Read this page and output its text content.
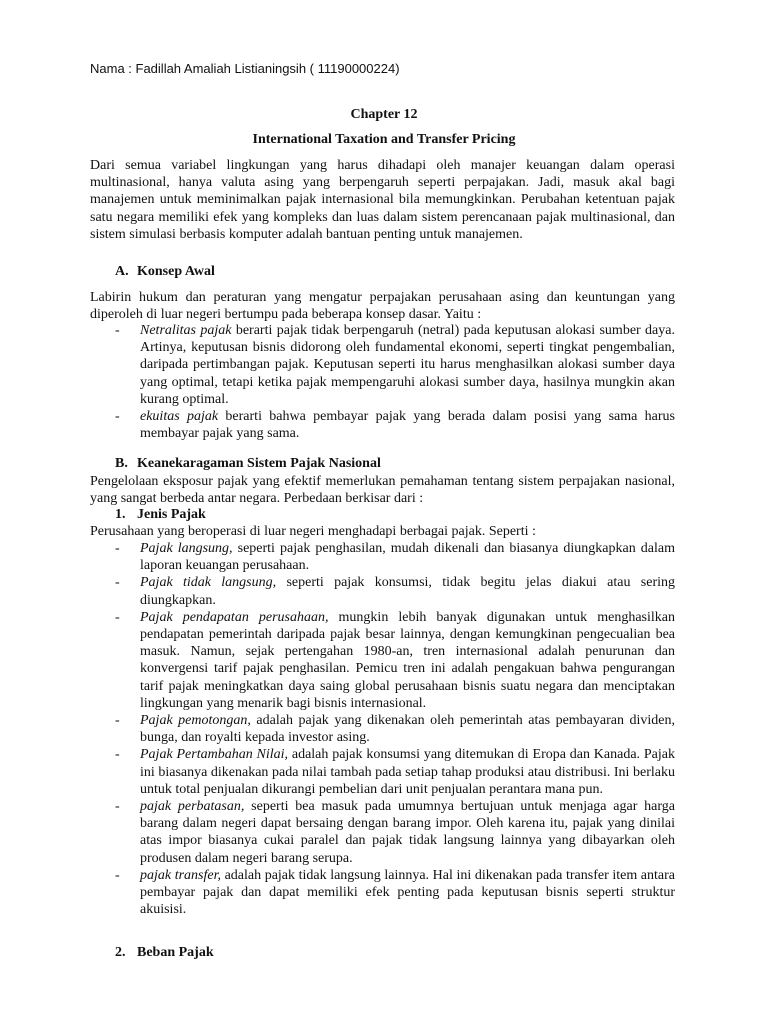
Nama : Fadillah Amaliah Listianingsih ( 11190000224)
Chapter 12
International Taxation and Transfer Pricing

Dari semua variabel lingkungan yang harus dihadapi oleh manajer keuangan dalam operasi multinasional, hanya valuta asing yang berpengaruh seperti perpajakan. Jadi, masuk akal bagi manajemen untuk meminimalkan pajak internasional bila memungkinkan. Perubahan ketentuan pajak satu negara memiliki efek yang kompleks dan luas dalam sistem perencanaan pajak multinasional, dan sistem simulasi berbasis komputer adalah bantuan penting untuk manajemen.

A. Konsep Awal

Labirin hukum dan peraturan yang mengatur perpajakan perusahaan asing dan keuntungan yang diperoleh di luar negeri bertumpu pada beberapa konsep dasar. Yaitu :

- Netralitas pajak berarti pajak tidak berpengaruh (netral) pada keputusan alokasi sumber daya. Artinya, keputusan bisnis didorong oleh fundamental ekonomi, seperti tingkat pengembalian, daripada pertimbangan pajak. Keputusan seperti itu harus menghasilkan alokasi sumber daya yang optimal, tetapi ketika pajak mempengaruhi alokasi sumber daya, hasilnya mungkin akan kurang optimal.
- ekuitas pajak berarti bahwa pembayar pajak yang berada dalam posisi yang sama harus membayar pajak yang sama.
B. Keanekaragaman Sistem Pajak Nasional

Pengelolaan eksposur pajak yang efektif memerlukan pemahaman tentang sistem perpajakan nasional, yang sangat berbeda antar negara. Perbedaan berkisar dari :

1. Jenis Pajak

Perusahaan yang beroperasi di luar negeri menghadapi berbagai pajak. Seperti :

- Pajak langsung, seperti pajak penghasilan, mudah dikenali dan biasanya diungkapkan dalam laporan keuangan perusahaan.
- Pajak tidak langsung, seperti pajak konsumsi, tidak begitu jelas diakui atau sering diungkapkan.
- Pajak pendapatan perusahaan, mungkin lebih banyak digunakan untuk menghasilkan pendapatan pemerintah daripada pajak besar lainnya, dengan kemungkinan pengecualian bea masuk. Namun, sejak pertengahan 1980-an, tren internasional adalah penurunan dan konvergensi tarif pajak penghasilan. Pemicu tren ini adalah pengakuan bahwa pengurangan tarif pajak meningkatkan daya saing global perusahaan bisnis suatu negara dan menciptakan lingkungan yang menarik bagi bisnis internasional.
- Pajak pemotongan, adalah pajak yang dikenakan oleh pemerintah atas pembayaran dividen, bunga, dan royalti kepada investor asing.
- Pajak Pertambahan Nilai, adalah pajak konsumsi yang ditemukan di Eropa dan Kanada. Pajak ini biasanya dikenakan pada nilai tambah pada setiap tahap produksi atau distribusi. Ini berlaku untuk total penjualan dikurangi pembelian dari unit penjualan perantara mana pun.
- pajak perbatasan, seperti bea masuk pada umumnya bertujuan untuk menjaga agar harga barang dalam negeri dapat bersaing dengan barang impor. Oleh karena itu, pajak yang dinilai atas impor biasanya cukai paralel dan pajak tidak langsung lainnya yang dibayarkan oleh produsen dalam negeri barang serupa.
- pajak transfer, adalah pajak tidak langsung lainnya. Hal ini dikenakan pada transfer item antara pembayar pajak dan dapat memiliki efek penting pada keputusan bisnis seperti struktur akuisisi.
2. Beban Pajak
